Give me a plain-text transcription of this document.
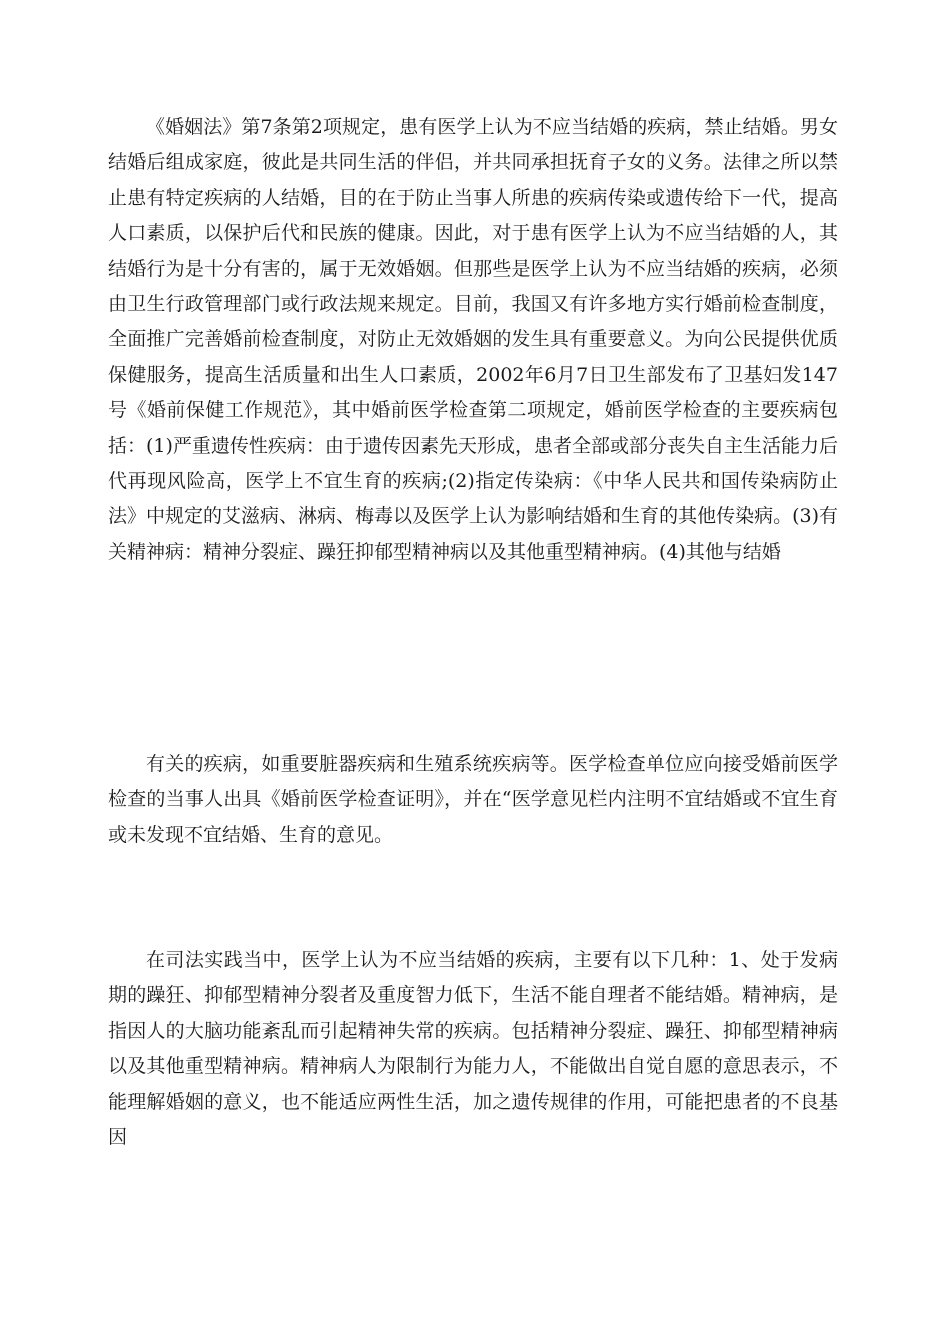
《婚姻法》第7条第2项规定，患有医学上认为不应当结婚的疾病，禁止结婚。男女结婚后组成家庭，彼此是共同生活的伴侣，并共同承担抚育子女的义务。法律之所以禁止患有特定疾病的人结婚，目的在于防止当事人所患的疾病传染或遗传给下一代，提高人口素质，以保护后代和民族的健康。因此，对于患有医学上认为不应当结婚的人，其结婚行为是十分有害的，属于无效婚姻。但那些是医学上认为不应当结婚的疾病，必须由卫生行政管理部门或行政法规来规定。目前，我国又有许多地方实行婚前检查制度，全面推广完善婚前检查制度，对防止无效婚姻的发生具有重要意义。为向公民提供优质保健服务，提高生活质量和出生人口素质，2002年6月7日卫生部发布了卫基妇发147号《婚前保健工作规范》，其中婚前医学检查第二项规定，婚前医学检查的主要疾病包括：(1)严重遗传性疾病：由于遗传因素先天形成，患者全部或部分丧失自主生活能力后代再现风险高，医学上不宜生育的疾病;(2)指定传染病：《中华人民共和国传染病防止法》中规定的艾滋病、淋病、梅毒以及医学上认为影响结婚和生育的其他传染病。(3)有关精神病：精神分裂症、躁狂抑郁型精神病以及其他重型精神病。(4)其他与结婚

有关的疾病，如重要脏器疾病和生殖系统疾病等。医学检查单位应向接受婚前医学检查的当事人出具《婚前医学检查证明》，并在“医学意见栏内注明不宜结婚或不宜生育或未发现不宜结婚、生育的意见。

在司法实践当中，医学上认为不应当结婚的疾病，主要有以下几种：1、处于发病期的躁狂、抑郁型精神分裂者及重度智力低下，生活不能自理者不能结婚。精神病，是指因人的大脑功能紊乱而引起精神失常的疾病。包括精神分裂症、躁狂、抑郁型精神病以及其他重型精神病。精神病人为限制行为能力人，不能做出自觉自愿的意思表示，不能理解婚姻的意义，也不能适应两性生活，加之遗传规律的作用，可能把患者的不良基因
